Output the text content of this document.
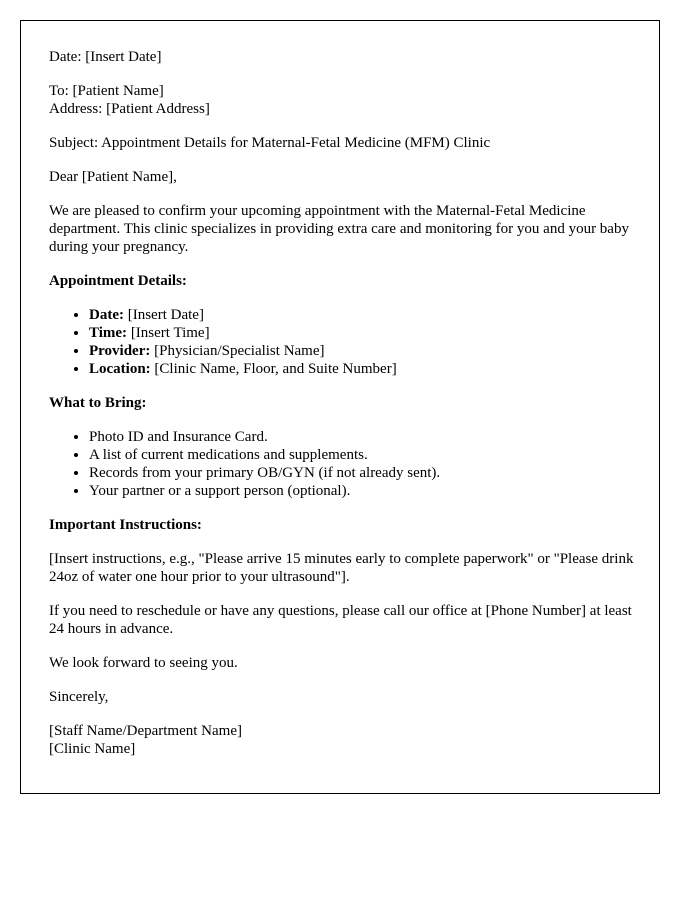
Date: [Insert Date]

To: [Patient Name]
Address: [Patient Address]

Subject: Appointment Details for Maternal-Fetal Medicine (MFM) Clinic

Dear [Patient Name],

We are pleased to confirm your upcoming appointment with the Maternal-Fetal Medicine department. This clinic specializes in providing extra care and monitoring for you and your baby during your pregnancy.

Appointment Details:
• Date: [Insert Date]
• Time: [Insert Time]
• Provider: [Physician/Specialist Name]
• Location: [Clinic Name, Floor, and Suite Number]
What to Bring:
• Photo ID and Insurance Card.
• A list of current medications and supplements.
• Records from your primary OB/GYN (if not already sent).
• Your partner or a support person (optional).
Important Instructions:

[Insert instructions, e.g., "Please arrive 15 minutes early to complete paperwork" or "Please drink 24oz of water one hour prior to your ultrasound"].

If you need to reschedule or have any questions, please call our office at [Phone Number] at least 24 hours in advance.

We look forward to seeing you.

Sincerely,

[Staff Name/Department Name]
[Clinic Name]
